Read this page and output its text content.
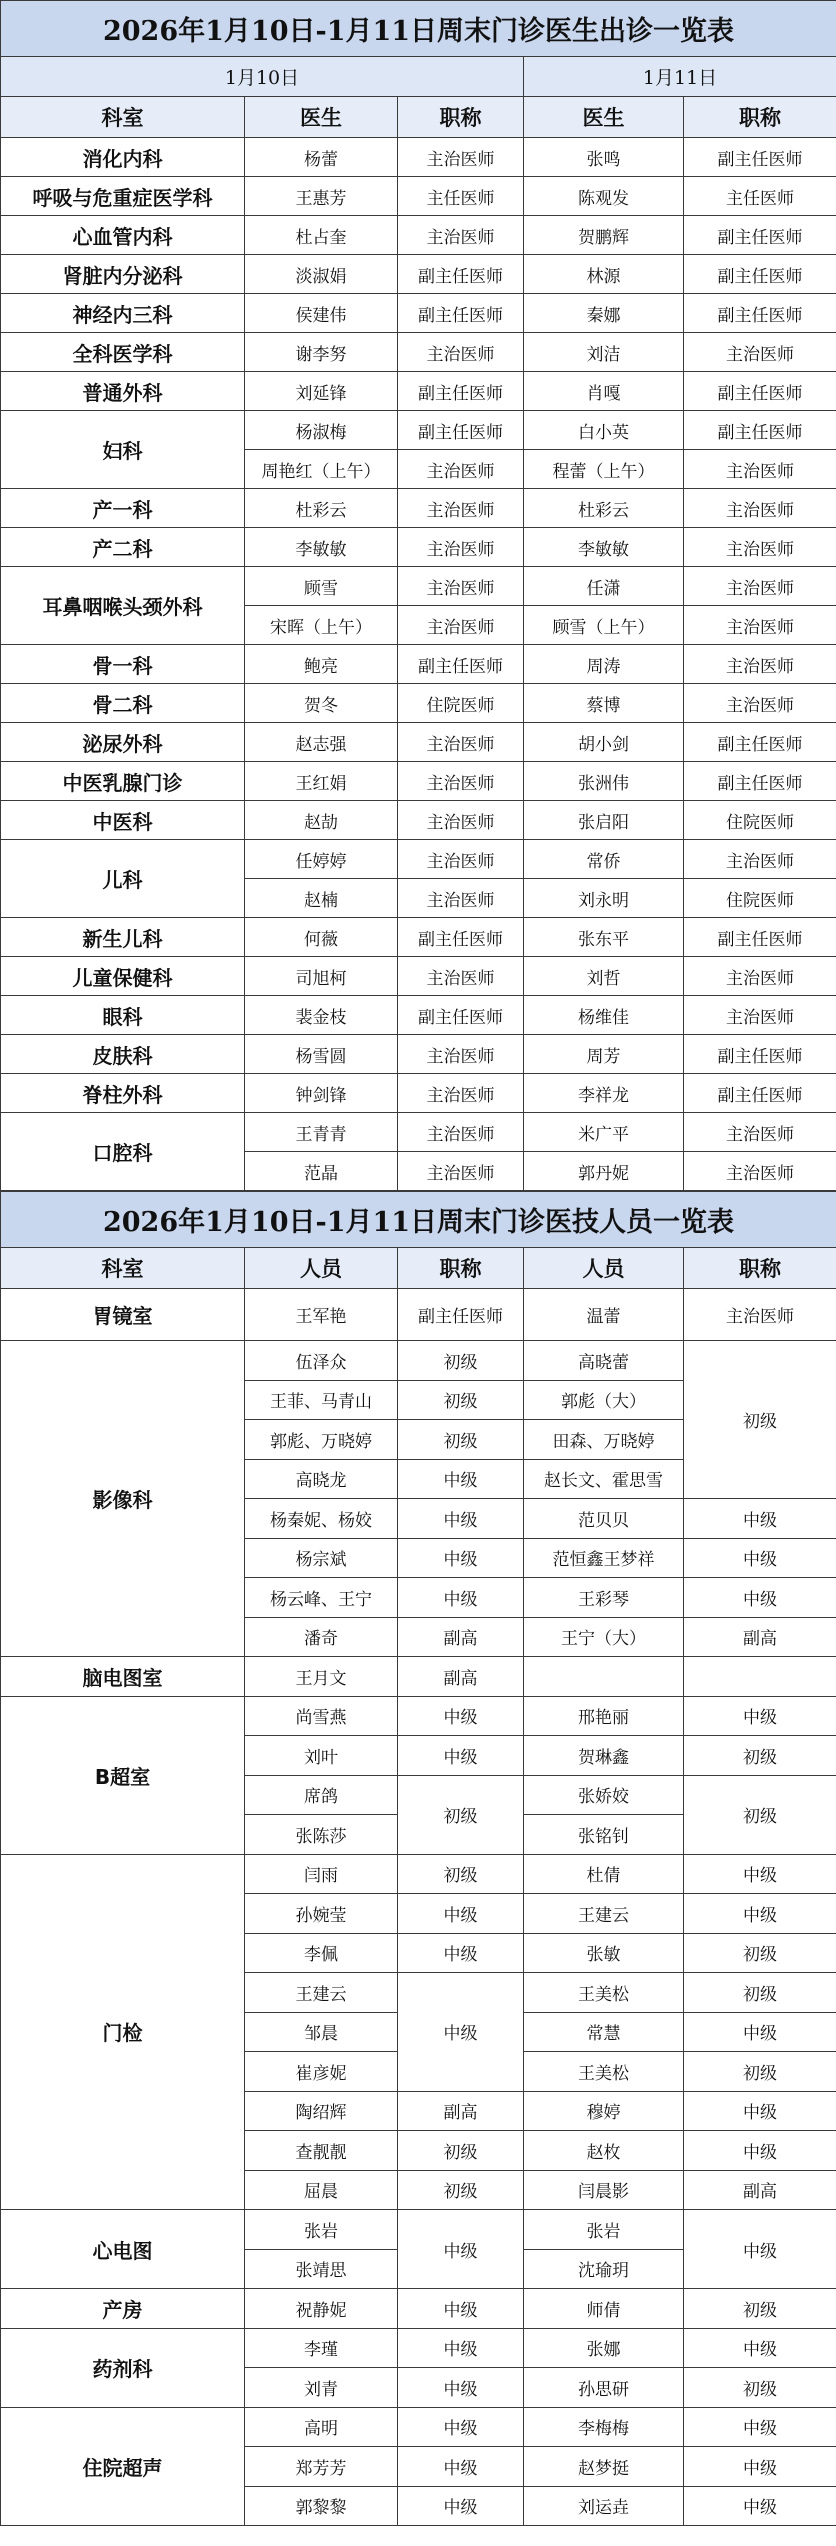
2026年1月10日-1月11日周末门诊医生出诊一览表				
1月10日			1月11日	
科室	医生	职称	医生	职称
消化内科	杨蕾	主治医师	张鸣	副主任医师
呼吸与危重症医学科	王惠芳	主任医师	陈观发	主任医师
心血管内科	杜占奎	主治医师	贺鹏辉	副主任医师
肾脏内分泌科	淡淑娟	副主任医师	林源	副主任医师
神经内三科	侯建伟	副主任医师	秦娜	副主任医师
全科医学科	谢李努	主治医师	刘洁	主治医师
普通外科	刘延锋	副主任医师	肖嘎	副主任医师
妇科	杨淑梅	副主任医师	白小英	副主任医师
	周艳红（上午）	主治医师	程蕾（上午）	主治医师
产一科	杜彩云	主治医师	杜彩云	主治医师
产二科	李敏敏	主治医师	李敏敏	主治医师
耳鼻咽喉头颈外科	顾雪	主治医师	任潇	主治医师
	宋晖（上午）	主治医师	顾雪（上午）	主治医师
骨一科	鲍亮	副主任医师	周涛	主治医师
骨二科	贺冬	住院医师	蔡博	主治医师
泌尿外科	赵志强	主治医师	胡小剑	副主任医师
中医乳腺门诊	王红娟	主治医师	张洲伟	副主任医师
中医科	赵劼	主治医师	张启阳	住院医师
儿科	任婷婷	主治医师	常侨	主治医师
	赵楠	主治医师	刘永明	住院医师
新生儿科	何薇	副主任医师	张东平	副主任医师
儿童保健科	司旭柯	主治医师	刘哲	主治医师
眼科	裴金枝	副主任医师	杨维佳	主治医师
皮肤科	杨雪圆	主治医师	周芳	副主任医师
脊柱外科	钟剑锋	主治医师	李祥龙	副主任医师
口腔科	王青青	主治医师	米广平	主治医师
	范晶	主治医师	郭丹妮	主治医师
2026年1月10日-1月11日周末门诊医技人员一览表				
科室	人员	职称	人员	职称
胃镜室	王军艳	副主任医师	温蕾	主治医师
影像科	伍泽众	初级	高晓蕾	初级
	王菲、马青山	初级	郭彪（大）	
	郭彪、万晓婷	初级	田森、万晓婷	
	高晓龙	中级	赵长文、霍思雪	
	杨秦妮、杨姣	中级	范贝贝	中级
	杨宗斌	中级	范恒鑫王梦祥	中级
	杨云峰、王宁	中级	王彩琴	中级
	潘奇	副高	王宁（大）	副高
脑电图室	王月文	副高		
B超室	尚雪燕	中级	邢艳丽	中级
	刘叶	中级	贺琳鑫	初级
	席鸽	初级	张娇姣	初级
	张陈莎		张铭钊	
门检	闫雨	初级	杜倩	中级
	孙婉莹	中级	王建云	中级
	李佩	中级	张敏	初级
	王建云	中级	王美松	初级
	邹晨		常慧	中级
	崔彦妮		王美松	初级
	陶绍辉	副高	穆婷	中级
	查靓靓	初级	赵枚	中级
	屈晨	初级	闫晨影	副高
心电图	张岩	中级	张岩	中级
	张靖思		沈瑜玥	
产房	祝静妮	中级	师倩	初级
药剂科	李瑾	中级	张娜	中级
	刘青	中级	孙思研	初级
住院超声	高明	中级	李梅梅	中级
	郑芳芳	中级	赵梦挺	中级
	郭黎黎	中级	刘运垚	中级
